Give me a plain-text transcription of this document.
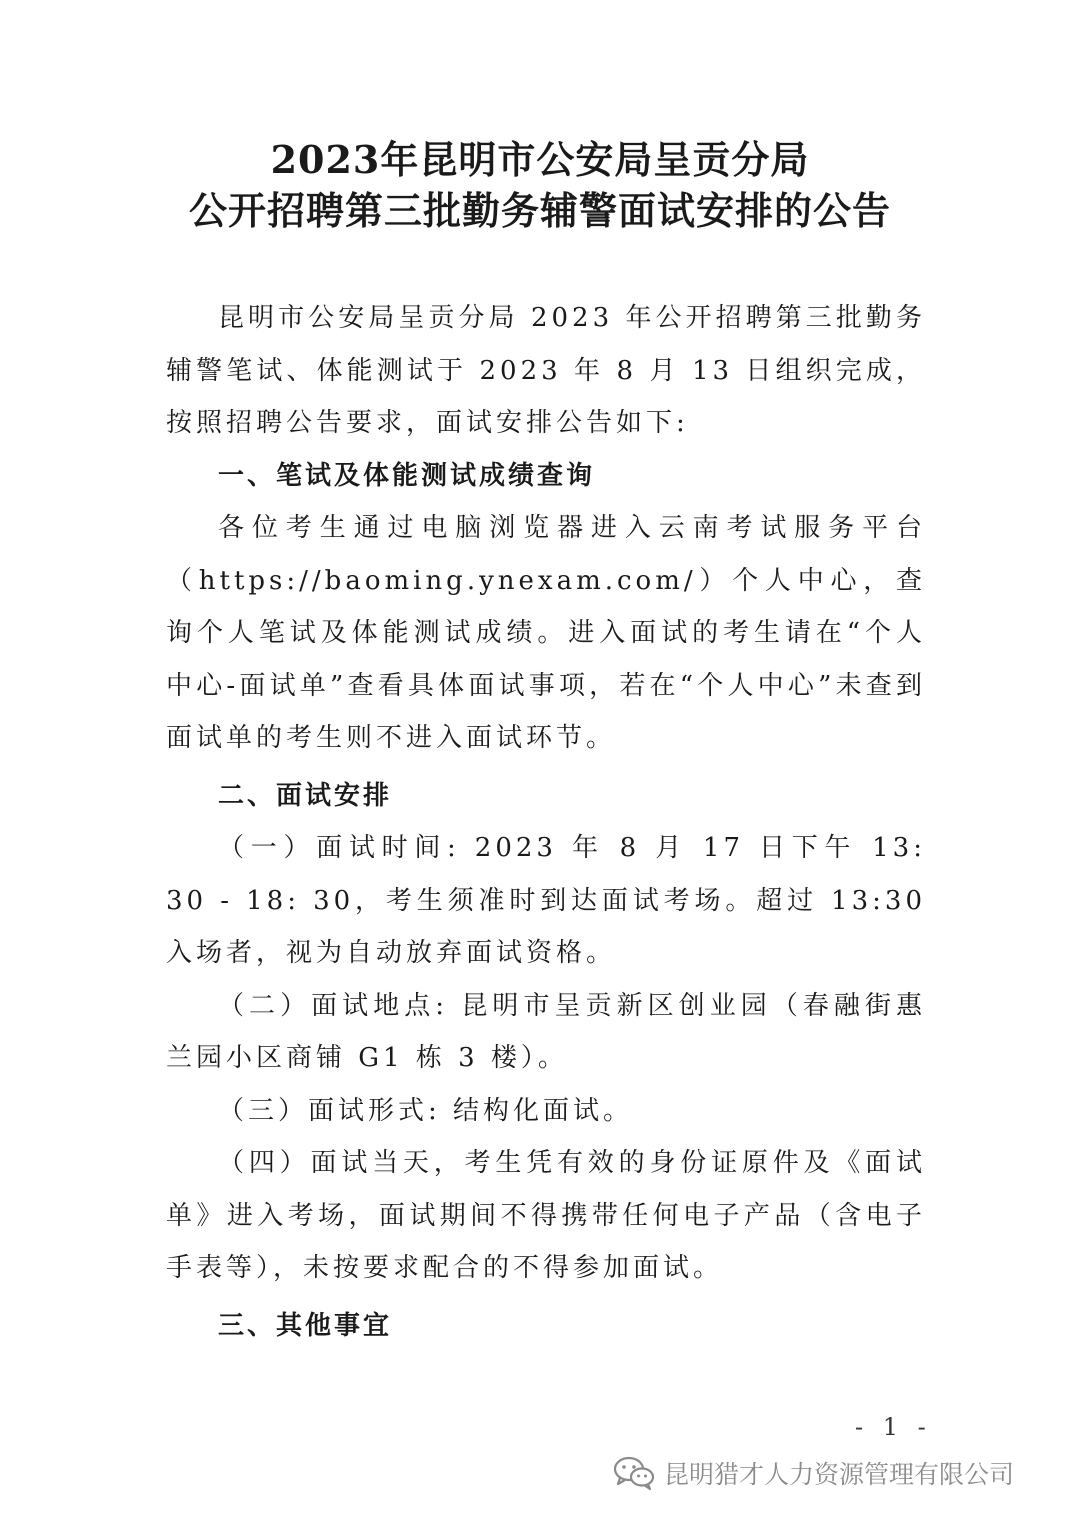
2023年昆明市公安局呈贡分局
公开招聘第三批勤务辅警面试安排的公告

昆明市公安局呈贡分局 2023 年公开招聘第三批勤务辅警笔试、体能测试于 2023 年 8 月 13 日组织完成，按照招聘公告要求，面试安排公告如下:

一、笔试及体能测试成绩查询

各位考生通过电脑浏览器进入云南考试服务平台（https://baoming.ynexam.com/）个人中心，查询个人笔试及体能测试成绩。进入面试的考生请在“个人中心-面试单”查看具体面试事项，若在“个人中心”未查到面试单的考生则不进入面试环节。

二、面试安排

（一）面试时间: 2023 年 8 月 17 日下午 13: 30 - 18: 30，考生须准时到达面试考场。超过 13:30 入场者，视为自动放弃面试资格。

（二）面试地点: 昆明市呈贡新区创业园（春融街惠兰园小区商铺 G1 栋 3 楼）。

（三）面试形式: 结构化面试。

（四）面试当天，考生凭有效的身份证原件及《面试单》进入考场，面试期间不得携带任何电子产品（含电子手表等），未按要求配合的不得参加面试。

三、其他事宜

- 1 -
昆明猎才人力资源管理有限公司
